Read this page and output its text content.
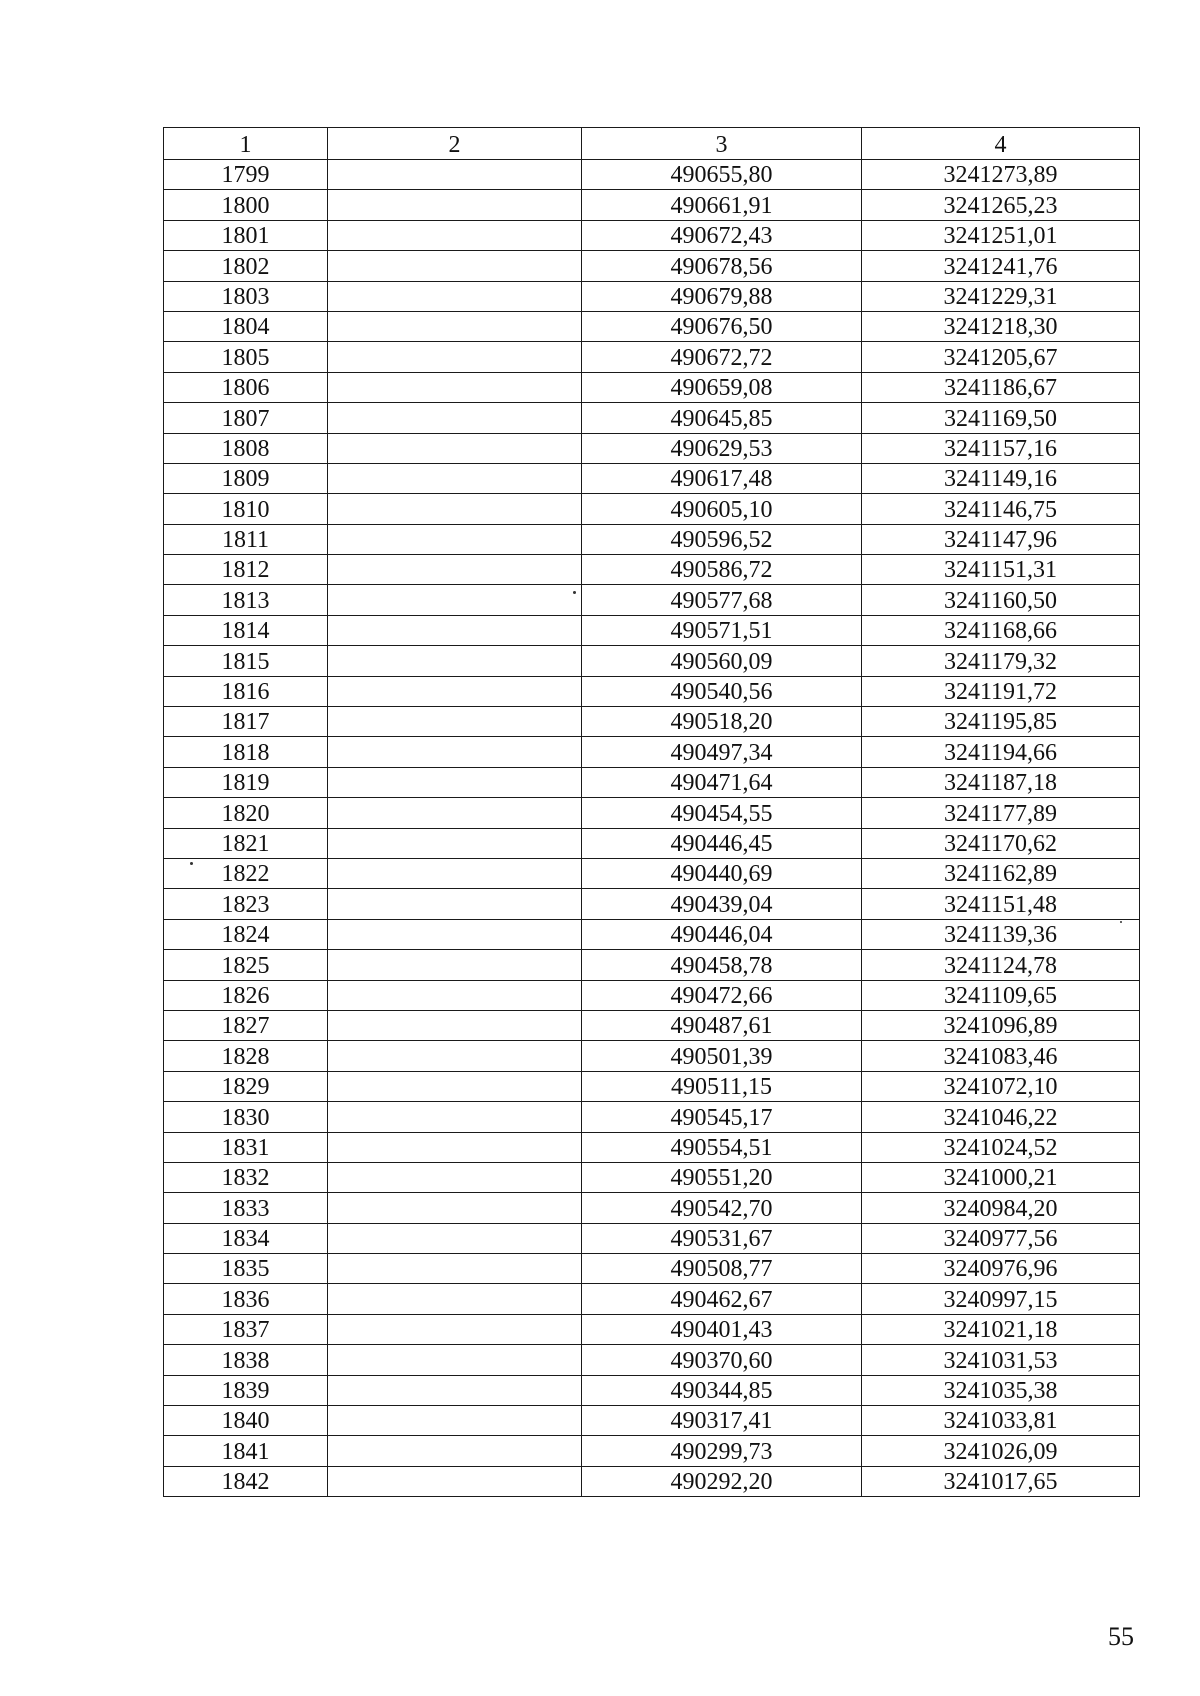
1	2	3	4
1799		490655,80	3241273,89
1800		490661,91	3241265,23
1801		490672,43	3241251,01
1802		490678,56	3241241,76
1803		490679,88	3241229,31
1804		490676,50	3241218,30
1805		490672,72	3241205,67
1806		490659,08	3241186,67
1807		490645,85	3241169,50
1808		490629,53	3241157,16
1809		490617,48	3241149,16
1810		490605,10	3241146,75
1811		490596,52	3241147,96
1812		490586,72	3241151,31
1813		490577,68	3241160,50
1814		490571,51	3241168,66
1815		490560,09	3241179,32
1816		490540,56	3241191,72
1817		490518,20	3241195,85
1818		490497,34	3241194,66
1819		490471,64	3241187,18
1820		490454,55	3241177,89
1821		490446,45	3241170,62
1822		490440,69	3241162,89
1823		490439,04	3241151,48
1824		490446,04	3241139,36
1825		490458,78	3241124,78
1826		490472,66	3241109,65
1827		490487,61	3241096,89
1828		490501,39	3241083,46
1829		490511,15	3241072,10
1830		490545,17	3241046,22
1831		490554,51	3241024,52
1832		490551,20	3241000,21
1833		490542,70	3240984,20
1834		490531,67	3240977,56
1835		490508,77	3240976,96
1836		490462,67	3240997,15
1837		490401,43	3241021,18
1838		490370,60	3241031,53
1839		490344,85	3241035,38
1840		490317,41	3241033,81
1841		490299,73	3241026,09
1842		490292,20	3241017,65
55
